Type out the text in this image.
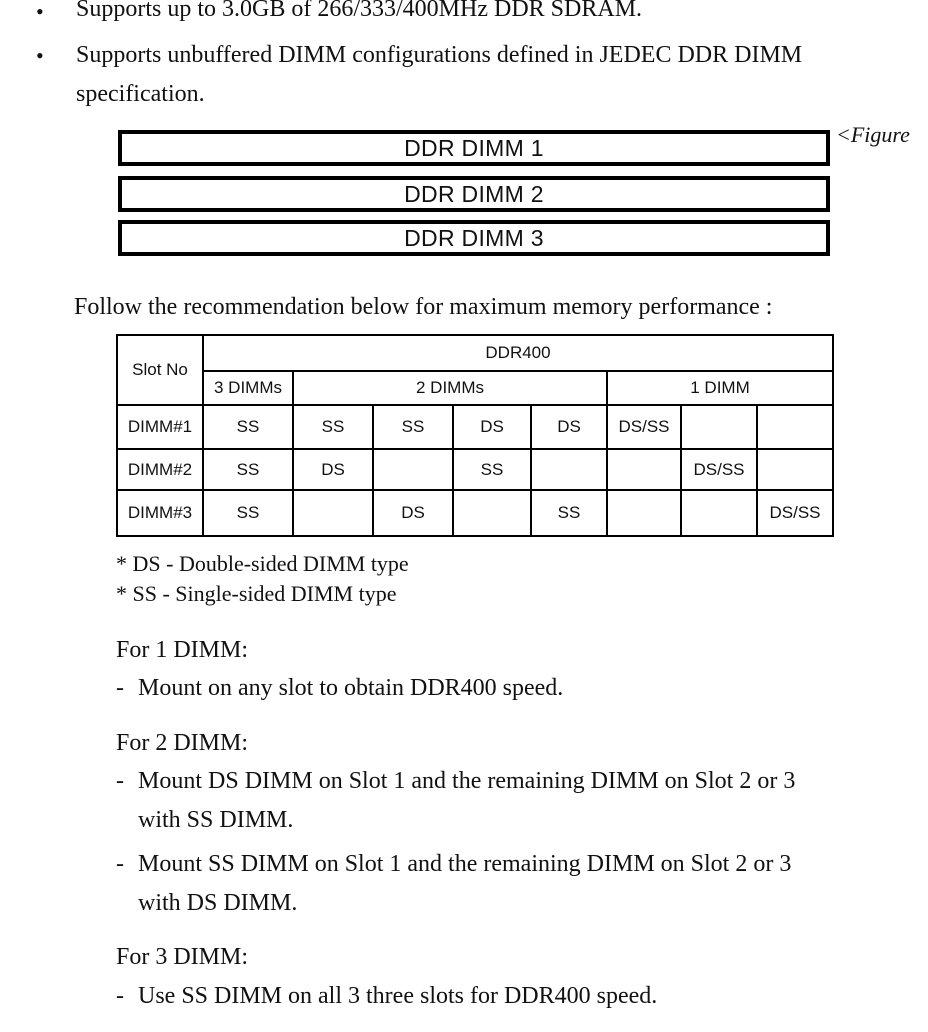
• Supports up to 3.0GB of 266/333/400MHz DDR SDRAM.
• Supports unbuffered DIMM configurations defined in JEDEC DDR DIMM
specification.
DDR DIMM 1
DDR DIMM 2
DDR DIMM 3
<Figure
Follow the recommendation below for maximum memory performance :
Slot No	DDR400							
	3 DIMMs	2 DIMMs				1 DIMM		
DIMM#1	SS	SS	SS	DS	DS	DS/SS		
DIMM#2	SS	DS		SS			DS/SS	
DIMM#3	SS		DS		SS			DS/SS
* DS - Double-sided DIMM type
* SS - Single-sided DIMM type
For 1 DIMM:
- Mount on any slot to obtain DDR400 speed.
For 2 DIMM:
- Mount DS DIMM on Slot 1 and the remaining DIMM on Slot 2 or 3
with SS DIMM.
- Mount SS DIMM on Slot 1 and the remaining DIMM on Slot 2 or 3
with DS DIMM.
For 3 DIMM:
- Use SS DIMM on all 3 three slots for DDR400 speed.
